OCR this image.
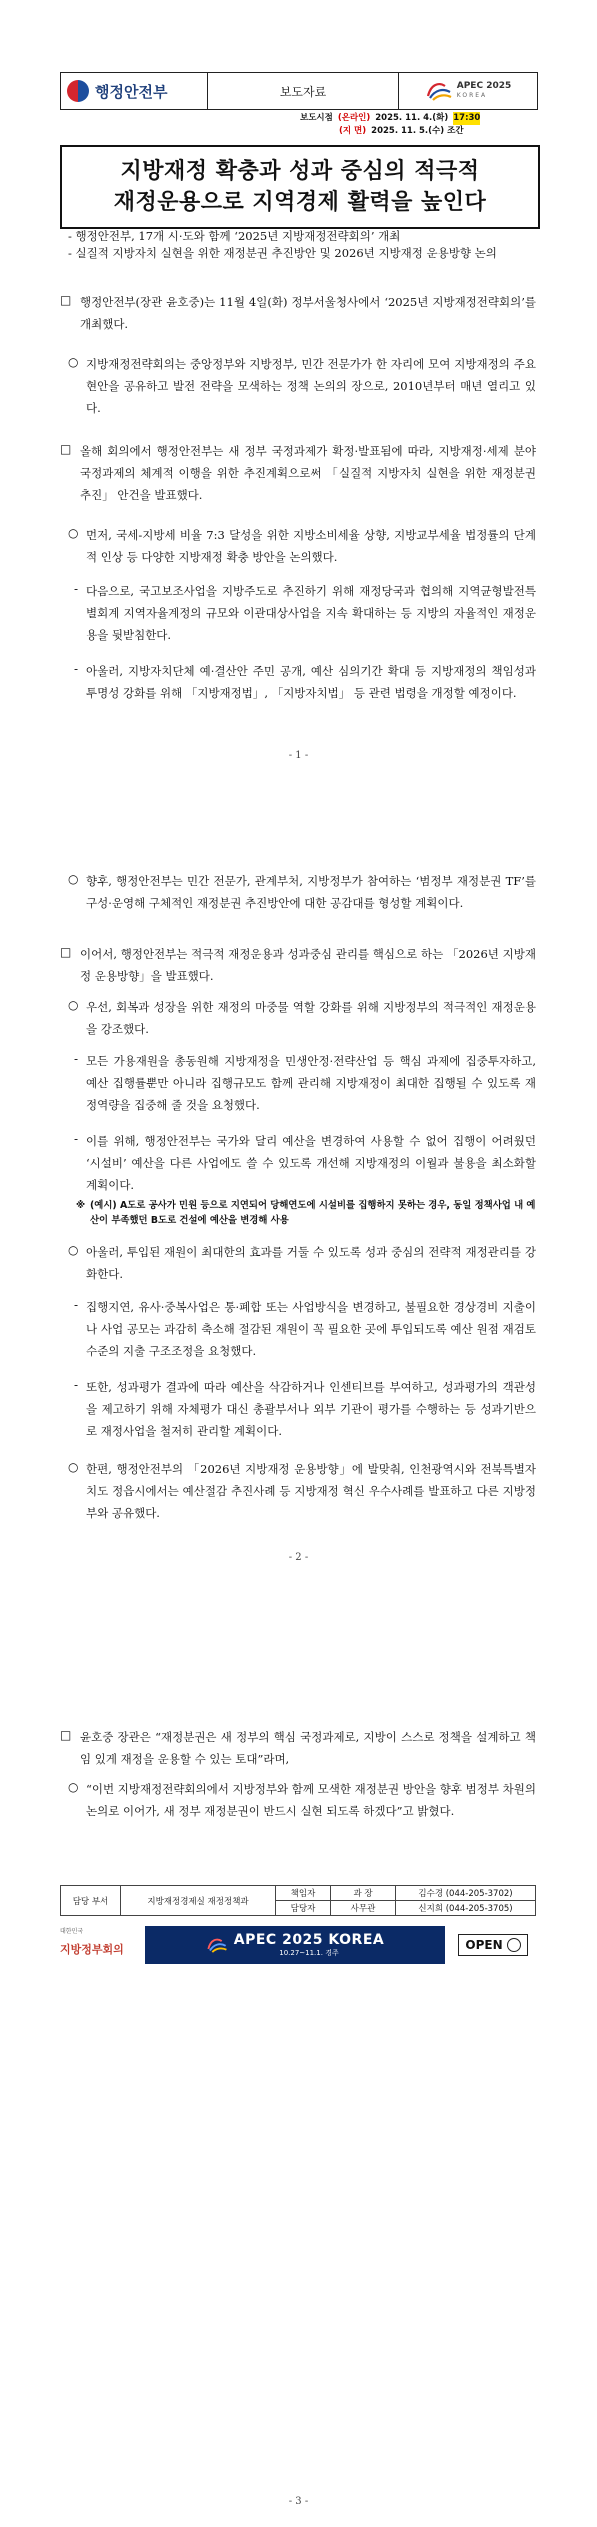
행정안전부	보도자료	APEC 2025
KOREA
보도시점 (온라인) 2025. 11. 4.(화) 17:30
(지 면) 2025. 11. 5.(수) 조간
지방재정 확충과 성과 중심의 적극적
재정운용으로 지역경제 활력을 높인다
- 행정안전부, 17개 시·도와 함께 ‘2025년 지방재정전략회의’ 개최
- 실질적 지방자치 실현을 위한 재정분권 추진방안 및 2026년 지방재정 운용방향 논의
□ 행정안전부(장관 윤호중)는 11월 4일(화) 정부서울청사에서 ‘2025년 지방재정전략회의’를 개최했다.
○ 지방재정전략회의는 중앙정부와 지방정부, 민간 전문가가 한 자리에 모여 지방재정의 주요 현안을 공유하고 발전 전략을 모색하는 정책 논의의 장으로, 2010년부터 매년 열리고 있다.
□ 올해 회의에서 행정안전부는 새 정부 국정과제가 확정·발표됨에 따라, 지방재정·세제 분야 국정과제의 체계적 이행을 위한 추진계획으로써 「실질적 지방자치 실현을 위한 재정분권 추진」 안건을 발표했다.
○ 먼저, 국세-지방세 비율 7:3 달성을 위한 지방소비세율 상향, 지방교부세율 법정률의 단계적 인상 등 다양한 지방재정 확충 방안을 논의했다.
- 다음으로, 국고보조사업을 지방주도로 추진하기 위해 재정당국과 협의해 지역균형발전특별회계 지역자율계정의 규모와 이관대상사업을 지속 확대하는 등 지방의 자율적인 재정운용을 뒷받침한다.
- 아울러, 지방자치단체 예·결산안 주민 공개, 예산 심의기간 확대 등 지방재정의 책임성과 투명성 강화를 위해 「지방재정법」, 「지방자치법」 등 관련 법령을 개정할 예정이다.
- 1 -
○ 향후, 행정안전부는 민간 전문가, 관계부처, 지방정부가 참여하는 ‘범정부 재정분권 TF’를 구성·운영해 구체적인 재정분권 추진방안에 대한 공감대를 형성할 계획이다.
□ 이어서, 행정안전부는 적극적 재정운용과 성과중심 관리를 핵심으로 하는 「2026년 지방재정 운용방향」을 발표했다.
○ 우선, 회복과 성장을 위한 재정의 마중물 역할 강화를 위해 지방정부의 적극적인 재정운용을 강조했다.
- 모든 가용재원을 총동원해 지방재정을 민생안정·전략산업 등 핵심 과제에 집중투자하고, 예산 집행률뿐만 아니라 집행규모도 함께 관리해 지방재정이 최대한 집행될 수 있도록 재정역량을 집중해 줄 것을 요청했다.
- 이를 위해, 행정안전부는 국가와 달리 예산을 변경하여 사용할 수 없어 집행이 어려웠던 ‘시설비’ 예산을 다른 사업에도 쓸 수 있도록 개선해 지방재정의 이월과 불용을 최소화할 계획이다.
※ (예시) A도로 공사가 민원 등으로 지연되어 당해연도에 시설비를 집행하지 못하는 경우, 동일 정책사업 내 예산이 부족했던 B도로 건설에 예산을 변경해 사용
○ 아울러, 투입된 재원이 최대한의 효과를 거둘 수 있도록 성과 중심의 전략적 재정관리를 강화한다.
- 집행지연, 유사·중복사업은 통·폐합 또는 사업방식을 변경하고, 불필요한 경상경비 지출이나 사업 공모는 과감히 축소해 절감된 재원이 꼭 필요한 곳에 투입되도록 예산 원점 재검토 수준의 지출 구조조정을 요청했다.
- 또한, 성과평가 결과에 따라 예산을 삭감하거나 인센티브를 부여하고, 성과평가의 객관성을 제고하기 위해 자체평가 대신 총괄부서나 외부 기관이 평가를 수행하는 등 성과기반으로 재정사업을 철저히 관리할 계획이다.
○ 한편, 행정안전부의 「2026년 지방재정 운용방향」에 발맞춰, 인천광역시와 전북특별자치도 정읍시에서는 예산절감 추진사례 등 지방재정 혁신 우수사례를 발표하고 다른 지방정부와 공유했다.
- 2 -
□ 윤호중 장관은 “재정분권은 새 정부의 핵심 국정과제로, 지방이 스스로 정책을 설계하고 책임 있게 재정을 운용할 수 있는 토대”라며,
○ “이번 지방재정전략회의에서 지방정부와 함께 모색한 재정분권 방안을 향후 범정부 차원의 논의로 이어가, 새 정부 재정분권이 반드시 실현 되도록 하겠다”고 밝혔다.
담당 부서	지방재정경제실 재정정책과	책임자	과 장	김수경 (044-205-3702)
		담당자	사무관	신지희 (044-205-3705)
대한민국
지방정부회의
APEC 2025 KOREA
10.27~11.1. 경주
OPEN
- 3 -
